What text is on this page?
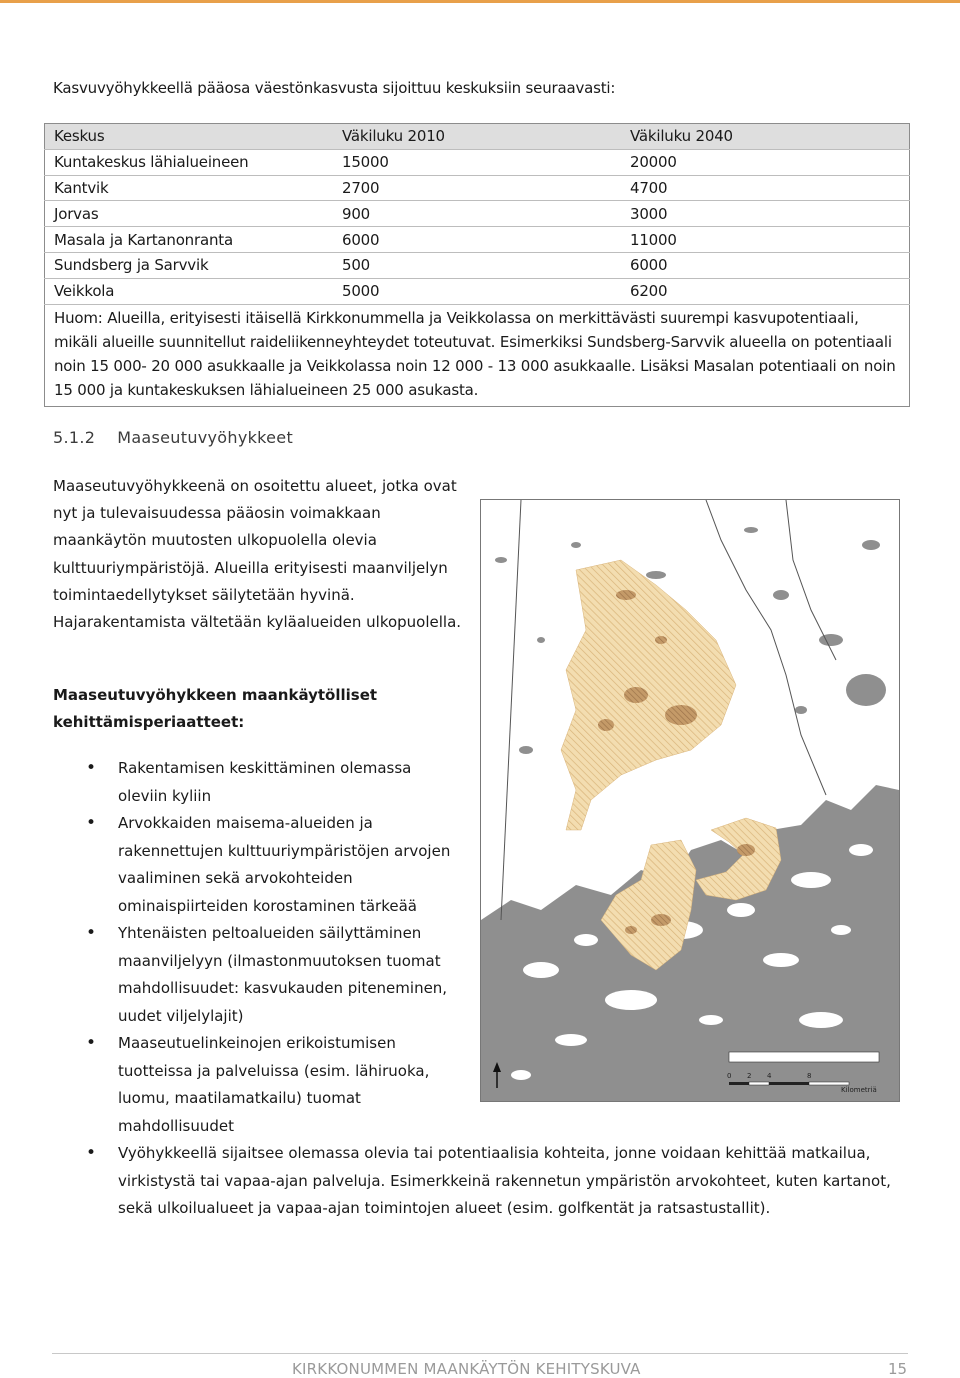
Kasvuvyöhykkeellä pääosa väestönkasvusta sijoittuu keskuksiin seuraavasti:
Keskus	Väkiluku 2010	Väkiluku 2040
Kuntakeskus lähialueineen	15000	20000
Kantvik	2700	4700
Jorvas	900	3000
Masala ja Kartanonranta	6000	11000
Sundsberg ja Sarvvik	500	6000
Veikkola	5000	6200
Huom: Alueilla, erityisesti itäisellä Kirkkonummella ja Veikkolassa on merkittävästi suurempi kasvupotentiaali, mikäli alueille suunnitellut raideliikenneyhteydet toteutuvat. Esimerkiksi Sundsberg-Sarvvik alueella on potentiaali noin 15 000- 20 000 asukkaalle ja Veikkolassa noin 12 000 - 13 000 asukkaalle. Lisäksi Masalan potentiaali on noin 15 000 ja kuntakeskuksen lähialueineen 25 000 asukasta.		
5.1.2 Maaseutuvyöhykkeet
Maaseutuvyöhykkeenä on osoitettu alueet, jotka ovat nyt ja tulevaisuudessa pääosin voimakkaan maankäytön muutosten ulkopuolella olevia kulttuuriympäristöjä. Alueilla erityisesti maanviljelyn toimintaedellytykset säilytetään hyvinä. Hajarakentamista vältetään kyläalueiden ulkopuolella.
Maaseutuvyöhykkeen maankäytölliset kehittämisperiaatteet:
• Rakentamisen keskittäminen olemassa oleviin kyliin
• Arvokkaiden maisema-alueiden ja rakennettujen kulttuuriympäristöjen arvojen vaaliminen sekä arvokohteiden ominaispiirteiden korostaminen tärkeää
• Yhtenäisten peltoalueiden säilyttäminen maanviljelyyn (ilmastonmuutoksen tuomat mahdollisuudet: kasvukauden piteneminen, uudet viljelylajit)
• Maaseutuelinkeinojen erikoistumisen tuotteissa ja palveluissa (esim. lähiruoka, luomu, maatilamatkailu) tuomat mahdollisuudet
• Vyöhykkeellä sijaitsee olemassa olevia tai potentiaalisia kohteita, jonne voidaan kehittää matkailua, virkistystä tai vapaa-ajan palveluja. Esimerkkeinä rakennetun ympäristön arvokohteet, kuten kartanot, sekä ulkoilualueet ja vapaa-ajan toimintojen alueet (esim. golfkentät ja ratsastustallit).
0 2 4	8
Kilometriä
KIRKKONUMMEN MAANKÄYTÖN KEHITYSKUVA	15
